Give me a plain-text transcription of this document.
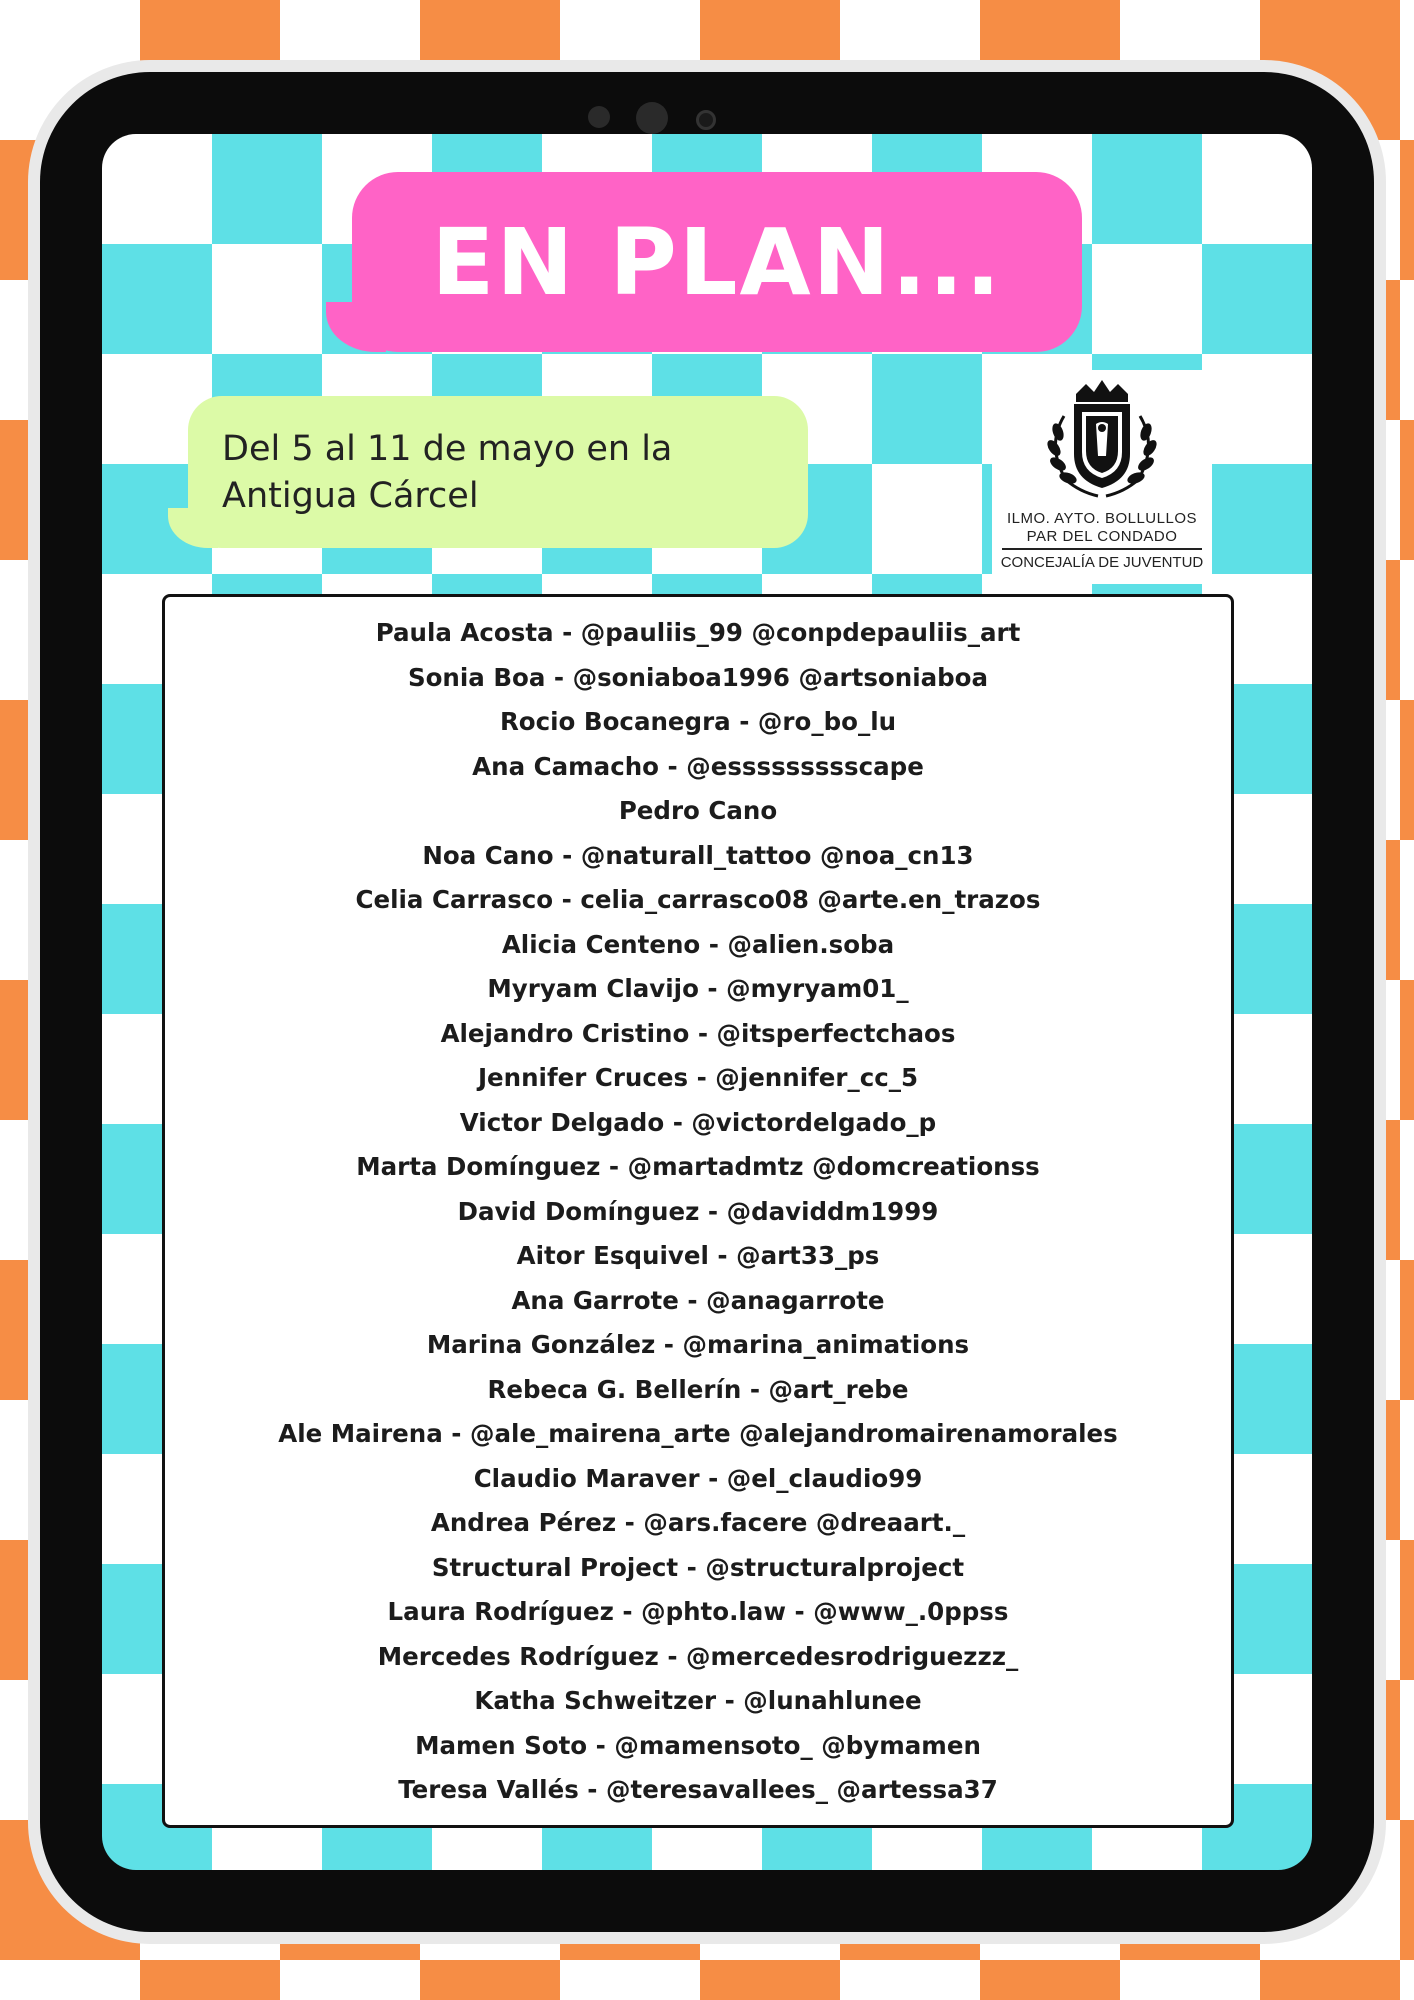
EN PLAN...
Del 5 al 11 de mayo en la Antigua Cárcel
ILMO. AYTO. BOLLULLOS
PAR DEL CONDADO
CONCEJALÍA DE JUVENTUD
Paula Acosta - @pauliis_99 @conpdepauliis_art
Sonia Boa - @soniaboa1996 @artsoniaboa
Rocio Bocanegra - @ro_bo_lu
Ana Camacho - @essssssssscape
Pedro Cano
Noa Cano - @naturall_tattoo @noa_cn13
Celia Carrasco - celia_carrasco08 @arte.en_trazos
Alicia Centeno - @alien.soba
Myryam Clavijo - @myryam01_
Alejandro Cristino - @itsperfectchaos
Jennifer Cruces - @jennifer_cc_5
Victor Delgado - @victordelgado_p
Marta Domínguez - @martadmtz @domcreationss
David Domínguez - @daviddm1999
Aitor Esquivel - @art33_ps
Ana Garrote - @anagarrote
Marina González - @marina_animations
Rebeca G. Bellerín - @art_rebe
Ale Mairena - @ale_mairena_arte @alejandromairenamorales
Claudio Maraver - @el_claudio99
Andrea Pérez - @ars.facere @dreaart._
Structural Project - @structuralproject
Laura Rodríguez - @phto.law - @www_.0ppss
Mercedes Rodríguez - @mercedesrodriguezzz_
Katha Schweitzer - @lunahlunee
Mamen Soto - @mamensoto_ @bymamen
Teresa Vallés - @teresavallees_ @artessa37
